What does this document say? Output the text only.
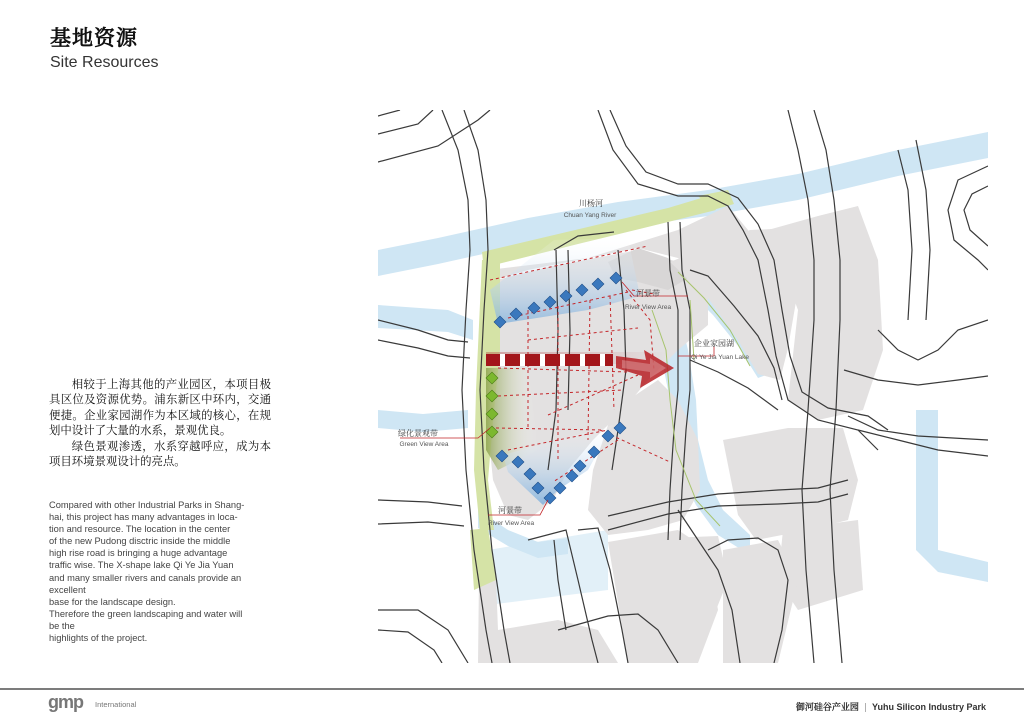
基地资源
Site Resources

相较于上海其他的产业园区，本项目极具区位及资源优势。浦东新区中环内，交通便捷。企业家园湖作为本区域的核心，在规划中设计了大量的水系，景观优良。

绿色景观渗透，水系穿越呼应，成为本项目环境景观设计的亮点。

Compared with other Industrial Parks in Shang-

hai, this project has many advantages in loca-

tion and resource. The location in the center

of the new Pudong disctric inside the middle

high rise road is bringing a huge advantage

traffic wise. The X-shape lake Qi Ye Jia Yuan

and many smaller rivers and canals provide an

excellent

base for the landscape design.

Therefore the green landscaping and water will

be the

highlights of the project.

川杨河
Chuan Yang River
河景带
River View Area
企业家园湖
Qi Ye Jia Yuan Lake
绿化景观带
Green View Area
河景带
River View Area
gmp International	御河硅谷产业园 | Yuhu Silicon Industry Park
